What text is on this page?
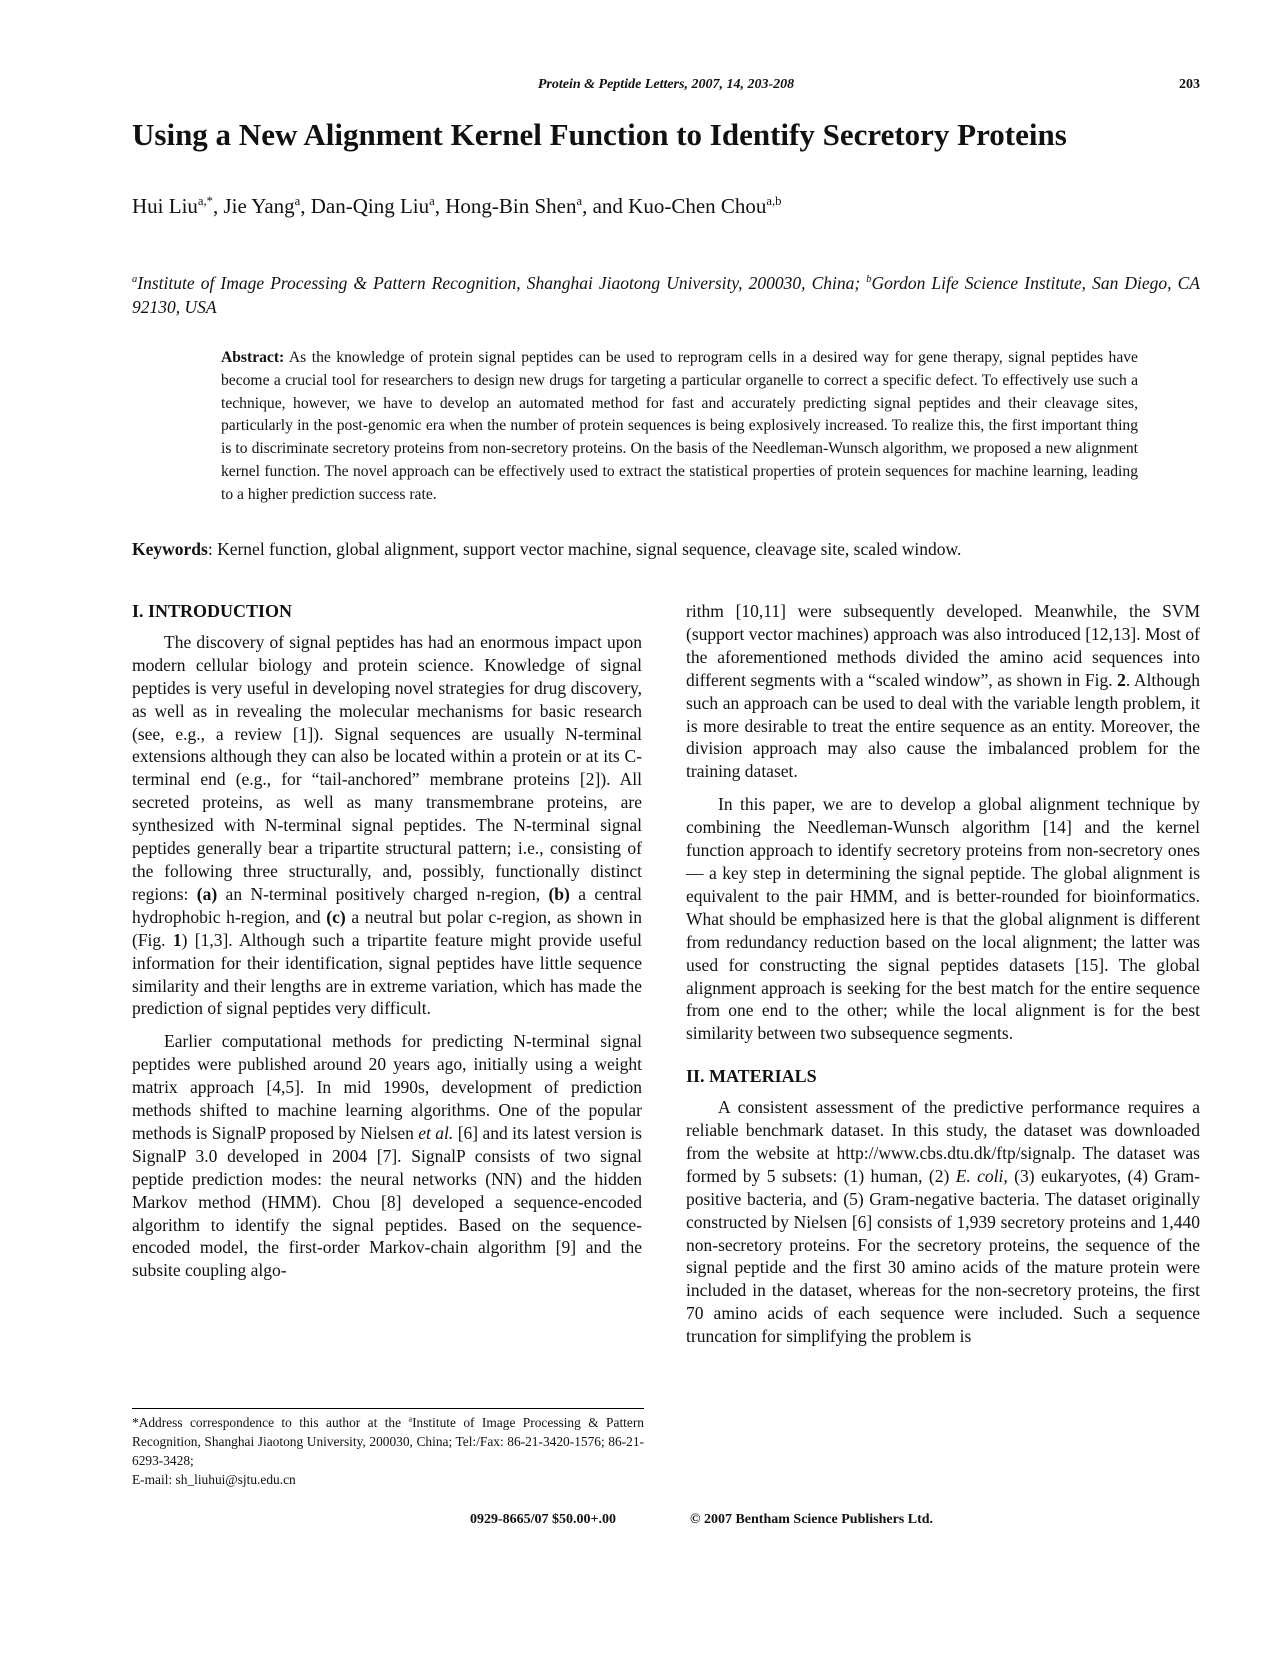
Protein & Peptide Letters, 2007, 14, 203-208	203
Using a New Alignment Kernel Function to Identify Secretory Proteins
Hui Liu$^{a,*}$, Jie Yang$^a$, Dan-Qing Liu$^a$, Hong-Bin Shen$^a$, and Kuo-Chen Chou$^{a,b}$
$^a$Institute of Image Processing & Pattern Recognition, Shanghai Jiaotong University, 200030, China; $^b$Gordon Life Science Institute, San Diego, CA 92130, USA
Abstract: As the knowledge of protein signal peptides can be used to reprogram cells in a desired way for gene therapy, signal peptides have become a crucial tool for researchers to design new drugs for targeting a particular organelle to correct a specific defect. To effectively use such a technique, however, we have to develop an automated method for fast and accurately predicting signal peptides and their cleavage sites, particularly in the post-genomic era when the number of protein sequences is being explosively increased. To realize this, the first important thing is to discriminate secretory proteins from non-secretory proteins. On the basis of the Needleman-Wunsch algorithm, we proposed a new alignment kernel function. The novel approach can be effectively used to extract the statistical properties of protein sequences for machine learning, leading to a higher prediction success rate.
Keywords: Kernel function, global alignment, support vector machine, signal sequence, cleavage site, scaled window.

I. INTRODUCTION

The discovery of signal peptides has had an enormous impact upon modern cellular biology and protein science. Knowledge of signal peptides is very useful in developing novel strategies for drug discovery, as well as in revealing the molecular mechanisms for basic research (see, e.g., a review [1]). Signal sequences are usually N-terminal extensions although they can also be located within a protein or at its C-terminal end (e.g., for “tail-anchored” membrane proteins [2]). All secreted proteins, as well as many transmembrane proteins, are synthesized with N-terminal signal peptides. The N-terminal signal peptides generally bear a tripartite structural pattern; i.e., consisting of the following three structurally, and, possibly, functionally distinct regions: (a) an N-terminal positively charged n-region, (b) a central hydrophobic h-region, and (c) a neutral but polar c-region, as shown in (Fig. 1) [1,3]. Although such a tripartite feature might provide useful information for their identification, signal peptides have little sequence similarity and their lengths are in extreme variation, which has made the prediction of signal peptides very difficult.

Earlier computational methods for predicting N-terminal signal peptides were published around 20 years ago, initially using a weight matrix approach [4,5]. In mid 1990s, development of prediction methods shifted to machine learning algorithms. One of the popular methods is SignalP proposed by Nielsen et al. [6] and its latest version is SignalP 3.0 developed in 2004 [7]. SignalP consists of two signal peptide prediction modes: the neural networks (NN) and the hidden Markov method (HMM). Chou [8] developed a sequence-encoded algorithm to identify the signal peptides. Based on the sequence-encoded model, the first-order Markov-chain algorithm [9] and the subsite coupling algo-

rithm [10,11] were subsequently developed. Meanwhile, the SVM (support vector machines) approach was also introduced [12,13]. Most of the aforementioned methods divided the amino acid sequences into different segments with a “scaled window”, as shown in Fig. 2. Although such an approach can be used to deal with the variable length problem, it is more desirable to treat the entire sequence as an entity. Moreover, the division approach may also cause the imbalanced problem for the training dataset.

In this paper, we are to develop a global alignment technique by combining the Needleman-Wunsch algorithm [14] and the kernel function approach to identify secretory proteins from non-secretory ones — a key step in determining the signal peptide. The global alignment is equivalent to the pair HMM, and is better-rounded for bioinformatics. What should be emphasized here is that the global alignment is different from redundancy reduction based on the local alignment; the latter was used for constructing the signal peptides datasets [15]. The global alignment approach is seeking for the best match for the entire sequence from one end to the other; while the local alignment is for the best similarity between two subsequence segments.

II. MATERIALS

A consistent assessment of the predictive performance requires a reliable benchmark dataset. In this study, the dataset was downloaded from the website at http://www.cbs.dtu.dk/ftp/signalp. The dataset was formed by 5 subsets: (1) human, (2) E. coli, (3) eukaryotes, (4) Gram-positive bacteria, and (5) Gram-negative bacteria. The dataset originally constructed by Nielsen [6] consists of 1,939 secretory proteins and 1,440 non-secretory proteins. For the secretory proteins, the sequence of the signal peptide and the first 30 amino acids of the mature protein were included in the dataset, whereas for the non-secretory proteins, the first 70 amino acids of each sequence were included. Such a sequence truncation for simplifying the problem is

*Address correspondence to this author at the $^a$Institute of Image Processing & Pattern Recognition, Shanghai Jiaotong University, 200030, China; Tel:/Fax: 86-21-3420-1576; 86-21-6293-3428;
E-mail: sh_liuhui@sjtu.edu.cn
0929-8665/07 $50.00+.00	© 2007 Bentham Science Publishers Ltd.
